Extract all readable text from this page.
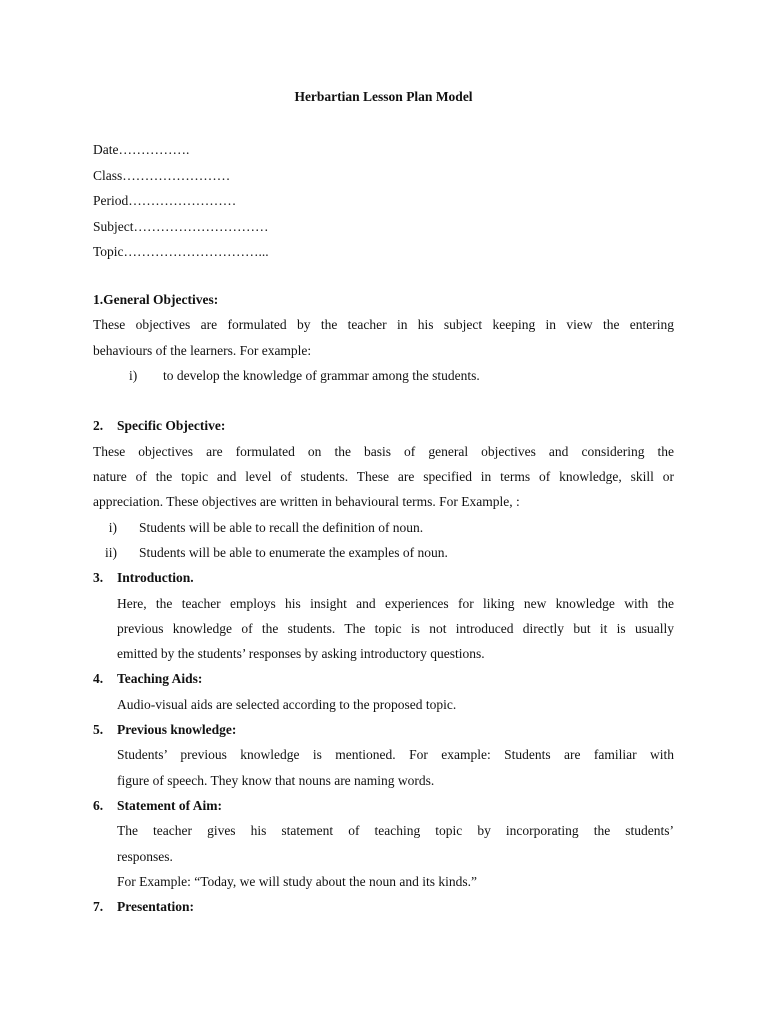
Herbartian Lesson Plan Model
Date…………….
Class……………………
Period……………………
Subject…………………………
Topic…………………………...
1.General Objectives:
These objectives are formulated by the teacher in his subject keeping in view the entering
behaviours of the learners. For example:
i) to develop the knowledge of grammar among the students.
2. Specific Objective:
These objectives are formulated on the basis of general objectives and considering the
nature of the topic and level of students. These are specified in terms of knowledge, skill or
appreciation. These objectives are written in behavioural terms. For Example, :
i) Students will be able to recall the definition of noun.
ii) Students will be able to enumerate the examples of noun.
3. Introduction.
Here, the teacher employs his insight and experiences for liking new knowledge with the
previous knowledge of the students. The topic is not introduced directly but it is usually
emitted by the students’ responses by asking introductory questions.
4. Teaching Aids:
Audio-visual aids are selected according to the proposed topic.
5. Previous knowledge:
Students’ previous knowledge is mentioned. For example: Students are familiar with
figure of speech. They know that nouns are naming words.
6. Statement of Aim:
The teacher gives his statement of teaching topic by incorporating the students’
responses.
For Example: “Today, we will study about the noun and its kinds.”
7. Presentation:
